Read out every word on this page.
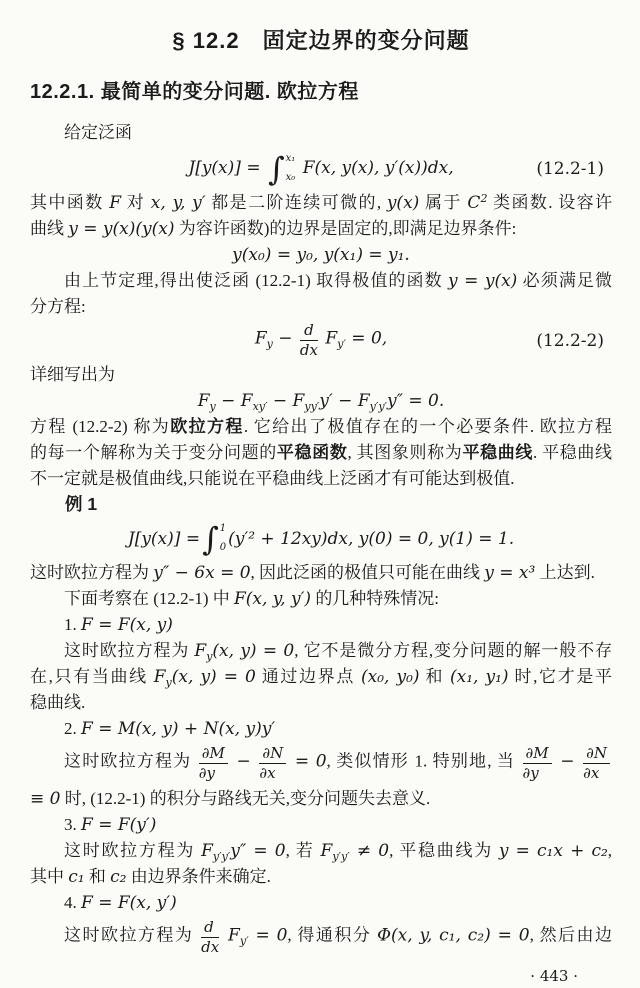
§ 12.2　固定边界的变分问题
12.2.1. 最简单的变分问题. 欧拉方程
给定泛函
J[y(x)] = ∫ x₁
x₀ F(x, y(x), y′(x))dx,	(12.2-1)
其中函数 F 对 x, y, y′ 都是二阶连续可微的, y(x) 属于 $C^2$ 类函数. 设容许
曲线 y = y(x)(y(x) 为容许函数)的边界是固定的,即满足边界条件:
y(x₀) = y₀, y(x₁) = y₁.
由上节定理,得出使泛函 (12.2-1) 取得极值的函数 y = y(x) 必须满足微
分方程:
$F_y - \frac{d}{dx} F_{y'} = 0$,	(12.2-2)
详细写出为
$F_y - F_{xy'} - F_{yy'}y' - F_{y'y'}y'' = 0$.
方程 (12.2-2) 称为欧拉方程. 它给出了极值存在的一个必要条件. 欧拉方程
的每一个解称为关于变分问题的平稳函数, 其图象则称为平稳曲线. 平稳曲线
不一定就是极值曲线,只能说在平稳曲线上泛函才有可能达到极值.
例 1
J[y(x)] = ∫ 1
0 (y′² + 12xy)dx, y(0) = 0, y(1) = 1.
这时欧拉方程为 y″ − 6x = 0, 因此泛函的极值只可能在曲线 y = x³ 上达到.
下面考察在 (12.2-1) 中 F(x, y, y′) 的几种特殊情况:
1. F = F(x, y)
这时欧拉方程为 $F_y(x$, y) = 0, 它不是微分方程,变分问题的解一般不存
在,只有当曲线 $F_y(x$, y) = 0 通过边界点 (x₀, y₀) 和 (x₁, y₁) 时,它才是平
稳曲线.
2. F = M(x, y) + N(x, y)y′
这时欧拉方程为 $\frac{\partial M}{\partial y} - \frac{\partial N}{\partial x} = 0$, 类似情形 1. 特别地, 当 $\frac{\partial M}{\partial y} - \frac{\partial N}{\partial x}$
≡ 0 时, (12.2-1) 的积分与路线无关,变分问题失去意义.
3. F = F(y′)
这时欧拉方程为 $F_{y'y'}y'' = 0$, 若 $F_{y'y'} \ne 0$, 平稳曲线为 y = c₁x + c₂,
其中 c₁ 和 c₂ 由边界条件来确定.
4. F = F(x, y′)
这时欧拉方程为 $\frac{d}{dx} F_{y'} = 0$, 得通积分 Φ(x, y, c₁, c₂) = 0, 然后由边
· 443 ·
